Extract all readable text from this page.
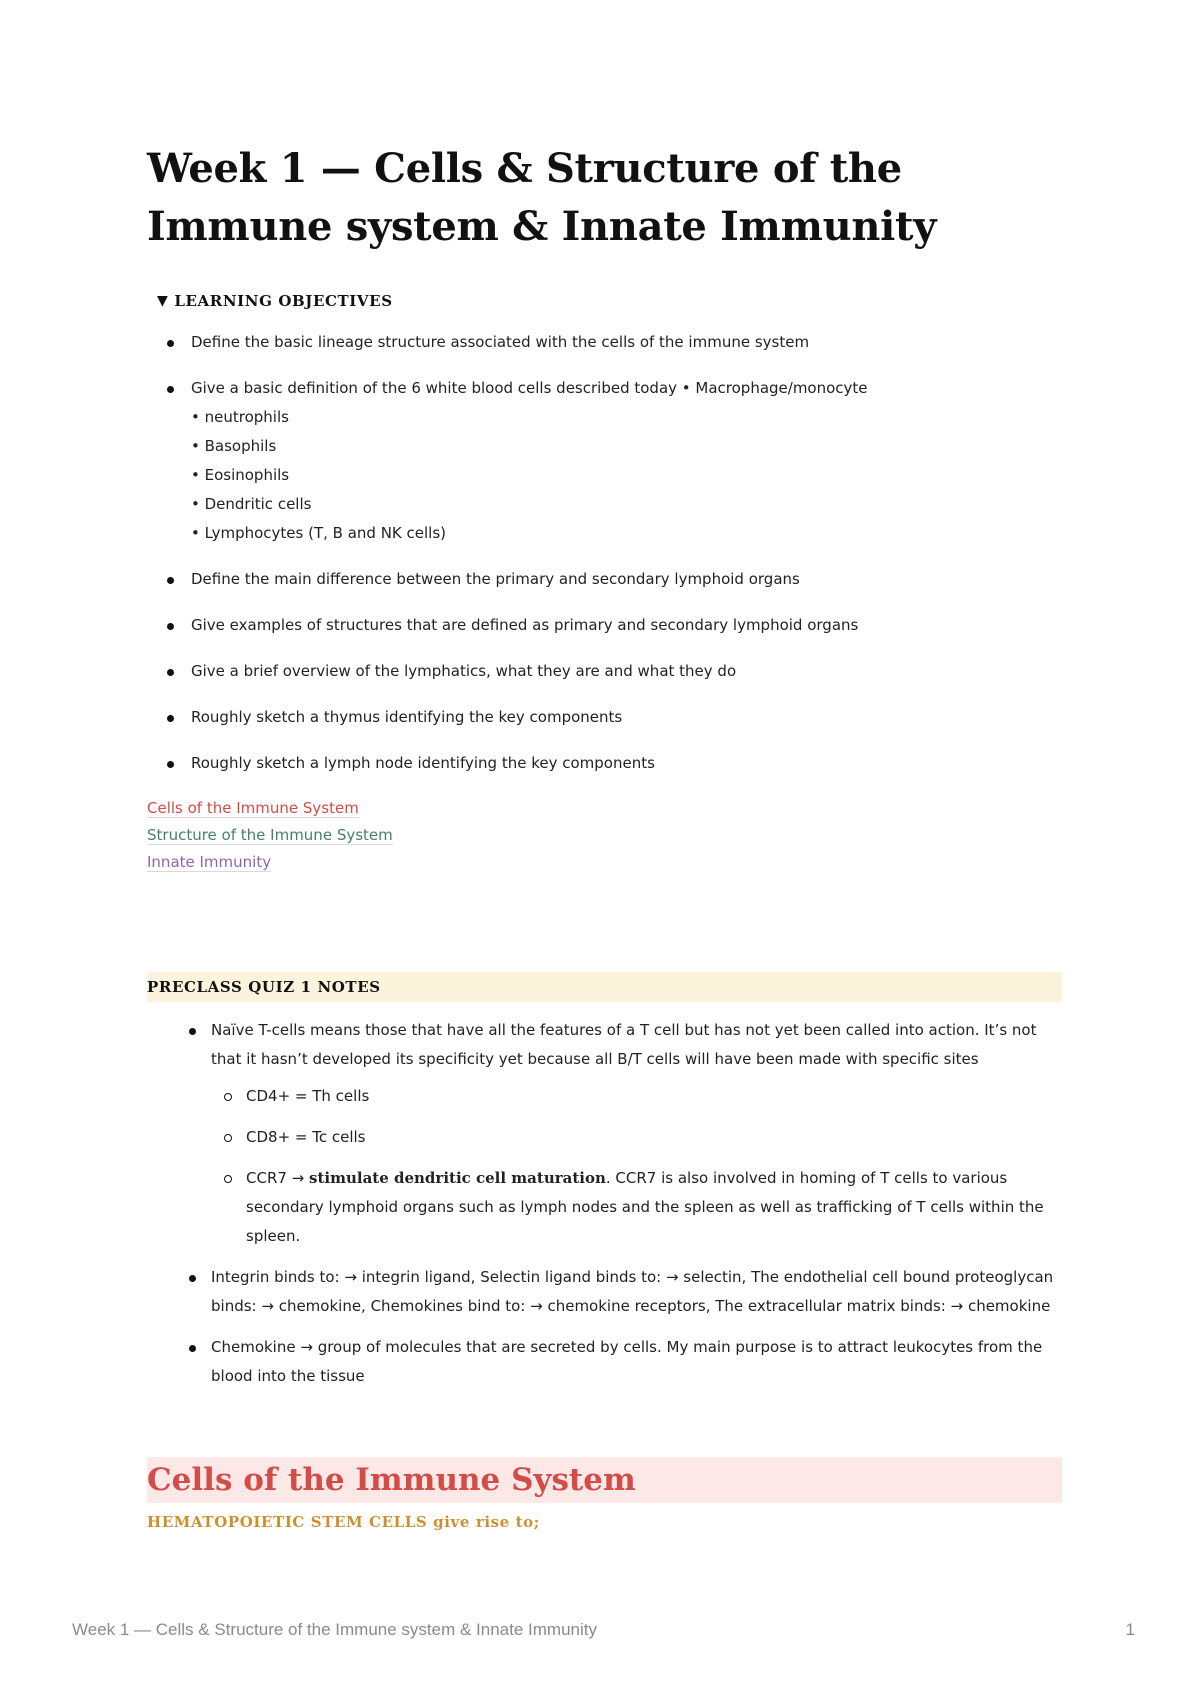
Week 1 — Cells & Structure of the Immune system & Innate Immunity
▼ LEARNING OBJECTIVES
Define the basic lineage structure associated with the cells of the immune system
Give a basic definition of the 6 white blood cells described today • Macrophage/monocyte
• neutrophils
• Basophils
• Eosinophils
• Dendritic cells
• Lymphocytes (T, B and NK cells)
Define the main difference between the primary and secondary lymphoid organs
Give examples of structures that are defined as primary and secondary lymphoid organs
Give a brief overview of the lymphatics, what they are and what they do
Roughly sketch a thymus identifying the key components
Roughly sketch a lymph node identifying the key components
Cells of the Immune System
Structure of the Immune System
Innate Immunity
PRECLASS QUIZ 1 NOTES
Naïve T-cells means those that have all the features of a T cell but has not yet been called into action. It’s not that it hasn’t developed its specificity yet because all B/T cells will have been made with specific sites
CD4+ = Th cells
CD8+ = Tc cells
CCR7 → stimulate dendritic cell maturation. CCR7 is also involved in homing of T cells to various secondary lymphoid organs such as lymph nodes and the spleen as well as trafficking of T cells within the spleen.
Integrin binds to: → integrin ligand, Selectin ligand binds to: → selectin, The endothelial cell bound proteoglycan binds: → chemokine, Chemokines bind to: → chemokine receptors, The extracellular matrix binds: → chemokine
Chemokine → group of molecules that are secreted by cells. My main purpose is to attract leukocytes from the blood into the tissue
Cells of the Immune System
HEMATOPOIETIC STEM CELLS give rise to;
Week 1 — Cells & Structure of the Immune system & Innate Immunity	1
